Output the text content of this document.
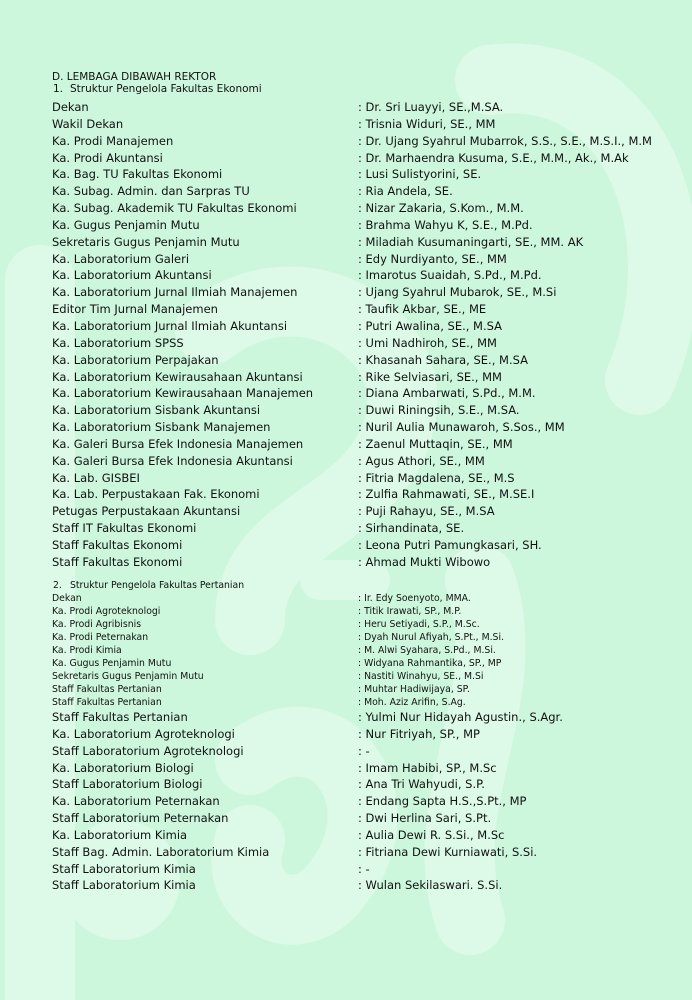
D. LEMBAGA DIBAWAH REKTOR
1. Struktur Pengelola Fakultas Ekonomi
Dekan	: Dr. Sri Luayyi, SE.,M.SA.
Wakil Dekan	: Trisnia Widuri, SE., MM
Ka. Prodi Manajemen	: Dr. Ujang Syahrul Mubarrok, S.S., S.E., M.S.I., M.M
Ka. Prodi Akuntansi	: Dr. Marhaendra Kusuma, S.E., M.M., Ak., M.Ak
Ka. Bag. TU Fakultas Ekonomi	: Lusi Sulistyorini, SE.
Ka. Subag. Admin. dan Sarpras TU	: Ria Andela, SE.
Ka. Subag. Akademik TU Fakultas Ekonomi	: Nizar Zakaria, S.Kom., M.M.
Ka. Gugus Penjamin Mutu	: Brahma Wahyu K, S.E., M.Pd.
Sekretaris Gugus Penjamin Mutu	: Miladiah Kusumaningarti, SE., MM. AK
Ka. Laboratorium Galeri	: Edy Nurdiyanto, SE., MM
Ka. Laboratorium Akuntansi	: Imarotus Suaidah, S.Pd., M.Pd.
Ka. Laboratorium Jurnal Ilmiah Manajemen	: Ujang Syahrul Mubarok, SE., M.Si
Editor Tim Jurnal Manajemen	: Taufik Akbar, SE., ME
Ka. Laboratorium Jurnal Ilmiah Akuntansi	: Putri Awalina, SE., M.SA
Ka. Laboratorium SPSS	: Umi Nadhiroh, SE., MM
Ka. Laboratorium Perpajakan	: Khasanah Sahara, SE., M.SA
Ka. Laboratorium Kewirausahaan Akuntansi	: Rike Selviasari, SE., MM
Ka. Laboratorium Kewirausahaan Manajemen	: Diana Ambarwati, S.Pd., M.M.
Ka. Laboratorium Sisbank Akuntansi	: Duwi Riningsih, S.E., M.SA.
Ka. Laboratorium Sisbank Manajemen	: Nuril Aulia Munawaroh, S.Sos., MM
Ka. Galeri Bursa Efek Indonesia Manajemen	: Zaenul Muttaqin, SE., MM
Ka. Galeri Bursa Efek Indonesia Akuntansi	: Agus Athori, SE., MM
Ka. Lab. GISBEI	: Fitria Magdalena, SE., M.S
Ka. Lab. Perpustakaan Fak. Ekonomi	: Zulfia Rahmawati, SE., M.SE.I
Petugas Perpustakaan Akuntansi	: Puji Rahayu, SE., M.SA
Staff IT Fakultas Ekonomi	: Sirhandinata, SE.
Staff Fakultas Ekonomi	: Leona Putri Pamungkasari, SH.
Staff Fakultas Ekonomi	: Ahmad Mukti Wibowo
2. Struktur Pengelola Fakultas Pertanian
Dekan	: Ir. Edy Soenyoto, MMA.
Ka. Prodi Agroteknologi	: Titik Irawati, SP., M.P.
Ka. Prodi Agribisnis	: Heru Setiyadi, S.P., M.Sc.
Ka. Prodi Peternakan	: Dyah Nurul Afiyah, S.Pt., M.Si.
Ka. Prodi Kimia	: M. Alwi Syahara, S.Pd., M.Si.
Ka. Gugus Penjamin Mutu	: Widyana Rahmantika, SP., MP
Sekretaris Gugus Penjamin Mutu	: Nastiti Winahyu, SE., M.Si
Staff Fakultas Pertanian	: Muhtar Hadiwijaya, SP.
Staff Fakultas Pertanian	: Moh. Aziz Arifin, S.Ag.
Staff Fakultas Pertanian	: Yulmi Nur Hidayah Agustin., S.Agr.
Ka. Laboratorium Agroteknologi	: Nur Fitriyah, SP., MP
Staff Laboratorium Agroteknologi	: -
Ka. Laboratorium Biologi	: Imam Habibi, SP., M.Sc
Staff Laboratorium Biologi	: Ana Tri Wahyudi, S.P.
Ka. Laboratorium Peternakan	: Endang Sapta H.S.,S.Pt., MP
Staff Laboratorium Peternakan	: Dwi Herlina Sari, S.Pt.
Ka. Laboratorium Kimia	: Aulia Dewi R. S.Si., M.Sc
Staff Bag. Admin. Laboratorium Kimia	: Fitriana Dewi Kurniawati, S.Si.
Staff Laboratorium Kimia	: -
Staff Laboratorium Kimia	: Wulan Sekilaswari. S.Si.
